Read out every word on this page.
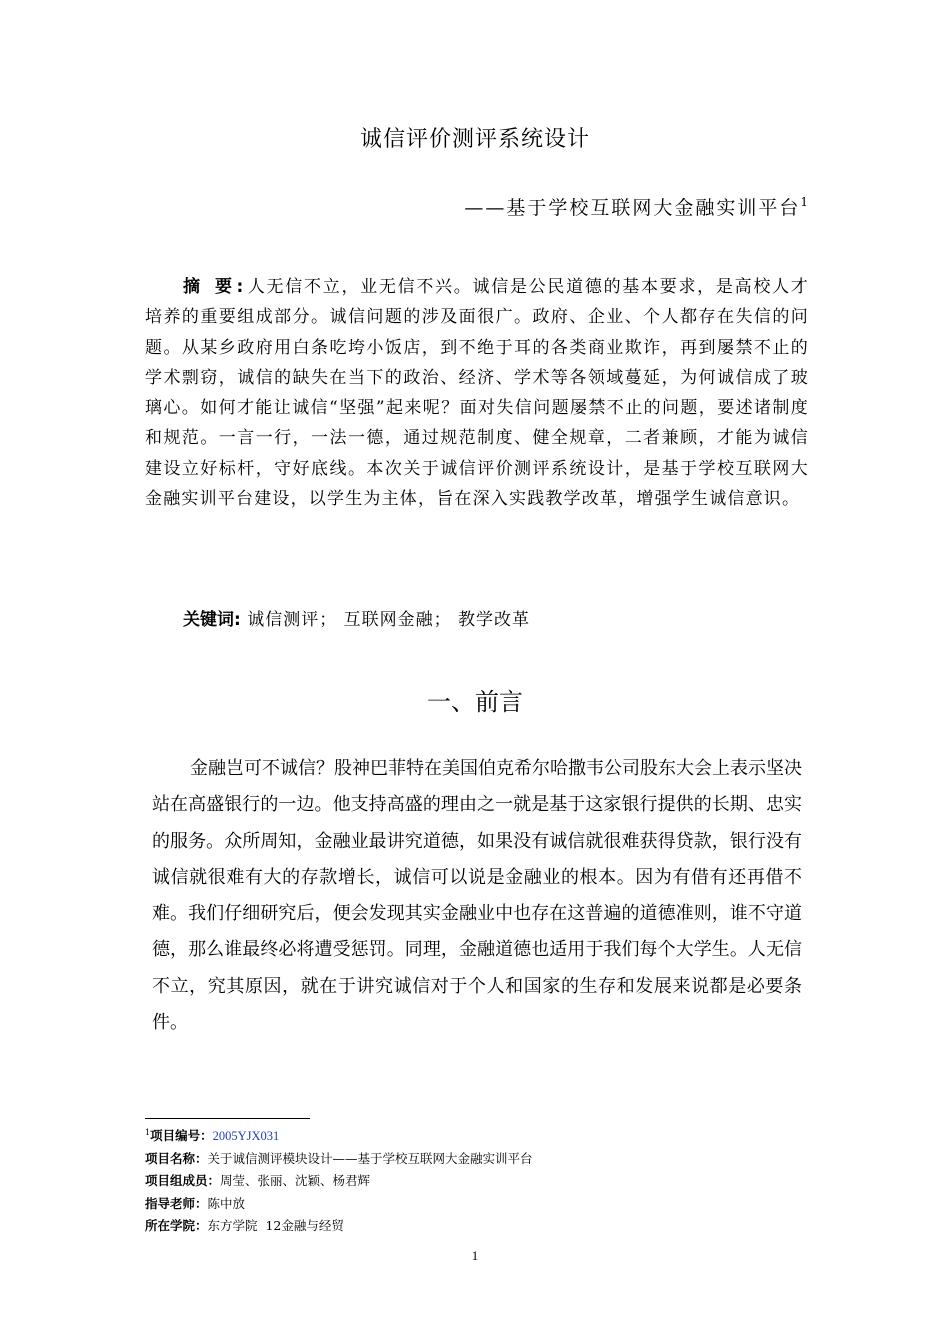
诚信评价测评系统设计
——基于学校互联网大金融实训平台$^1$
摘 要:人无信不立，业无信不兴。诚信是公民道德的基本要求，是高校人才培养的重要组成部分。诚信问题的涉及面很广。政府、企业、个人都存在失信的问题。从某乡政府用白条吃垮小饭店，到不绝于耳的各类商业欺诈，再到屡禁不止的学术剽窃，诚信的缺失在当下的政治、经济、学术等各领域蔓延，为何诚信成了玻璃心。如何才能让诚信“坚强”起来呢？面对失信问题屡禁不止的问题，要述诸制度和规范。一言一行，一法一德，通过规范制度、健全规章，二者兼顾，才能为诚信建设立好标杆，守好底线。本次关于诚信评价测评系统设计，是基于学校互联网大金融实训平台建设，以学生为主体，旨在深入实践教学改革，增强学生诚信意识。
关键词: 诚信测评； 互联网金融； 教学改革
一、前言
金融岂可不诚信？股神巴菲特在美国伯克希尔哈撒韦公司股东大会上表示坚决站在高盛银行的一边。他支持高盛的理由之一就是基于这家银行提供的长期、忠实的服务。众所周知，金融业最讲究道德，如果没有诚信就很难获得贷款，银行没有诚信就很难有大的存款增长，诚信可以说是金融业的根本。因为有借有还再借不难。我们仔细研究后，便会发现其实金融业中也存在这普遍的道德准则，谁不守道德，那么谁最终必将遭受惩罚。同理，金融道德也适用于我们每个大学生。人无信不立，究其原因，就在于讲究诚信对于个人和国家的生存和发展来说都是必要条件。
$^1$项目编号：2005YJX031
项目名称：关于诚信测评模块设计——基于学校互联网大金融实训平台
项目组成员：周莹、张丽、沈颖、杨君辉
指导老师：陈中放
所在学院：东方学院  12金融与经贸
1
